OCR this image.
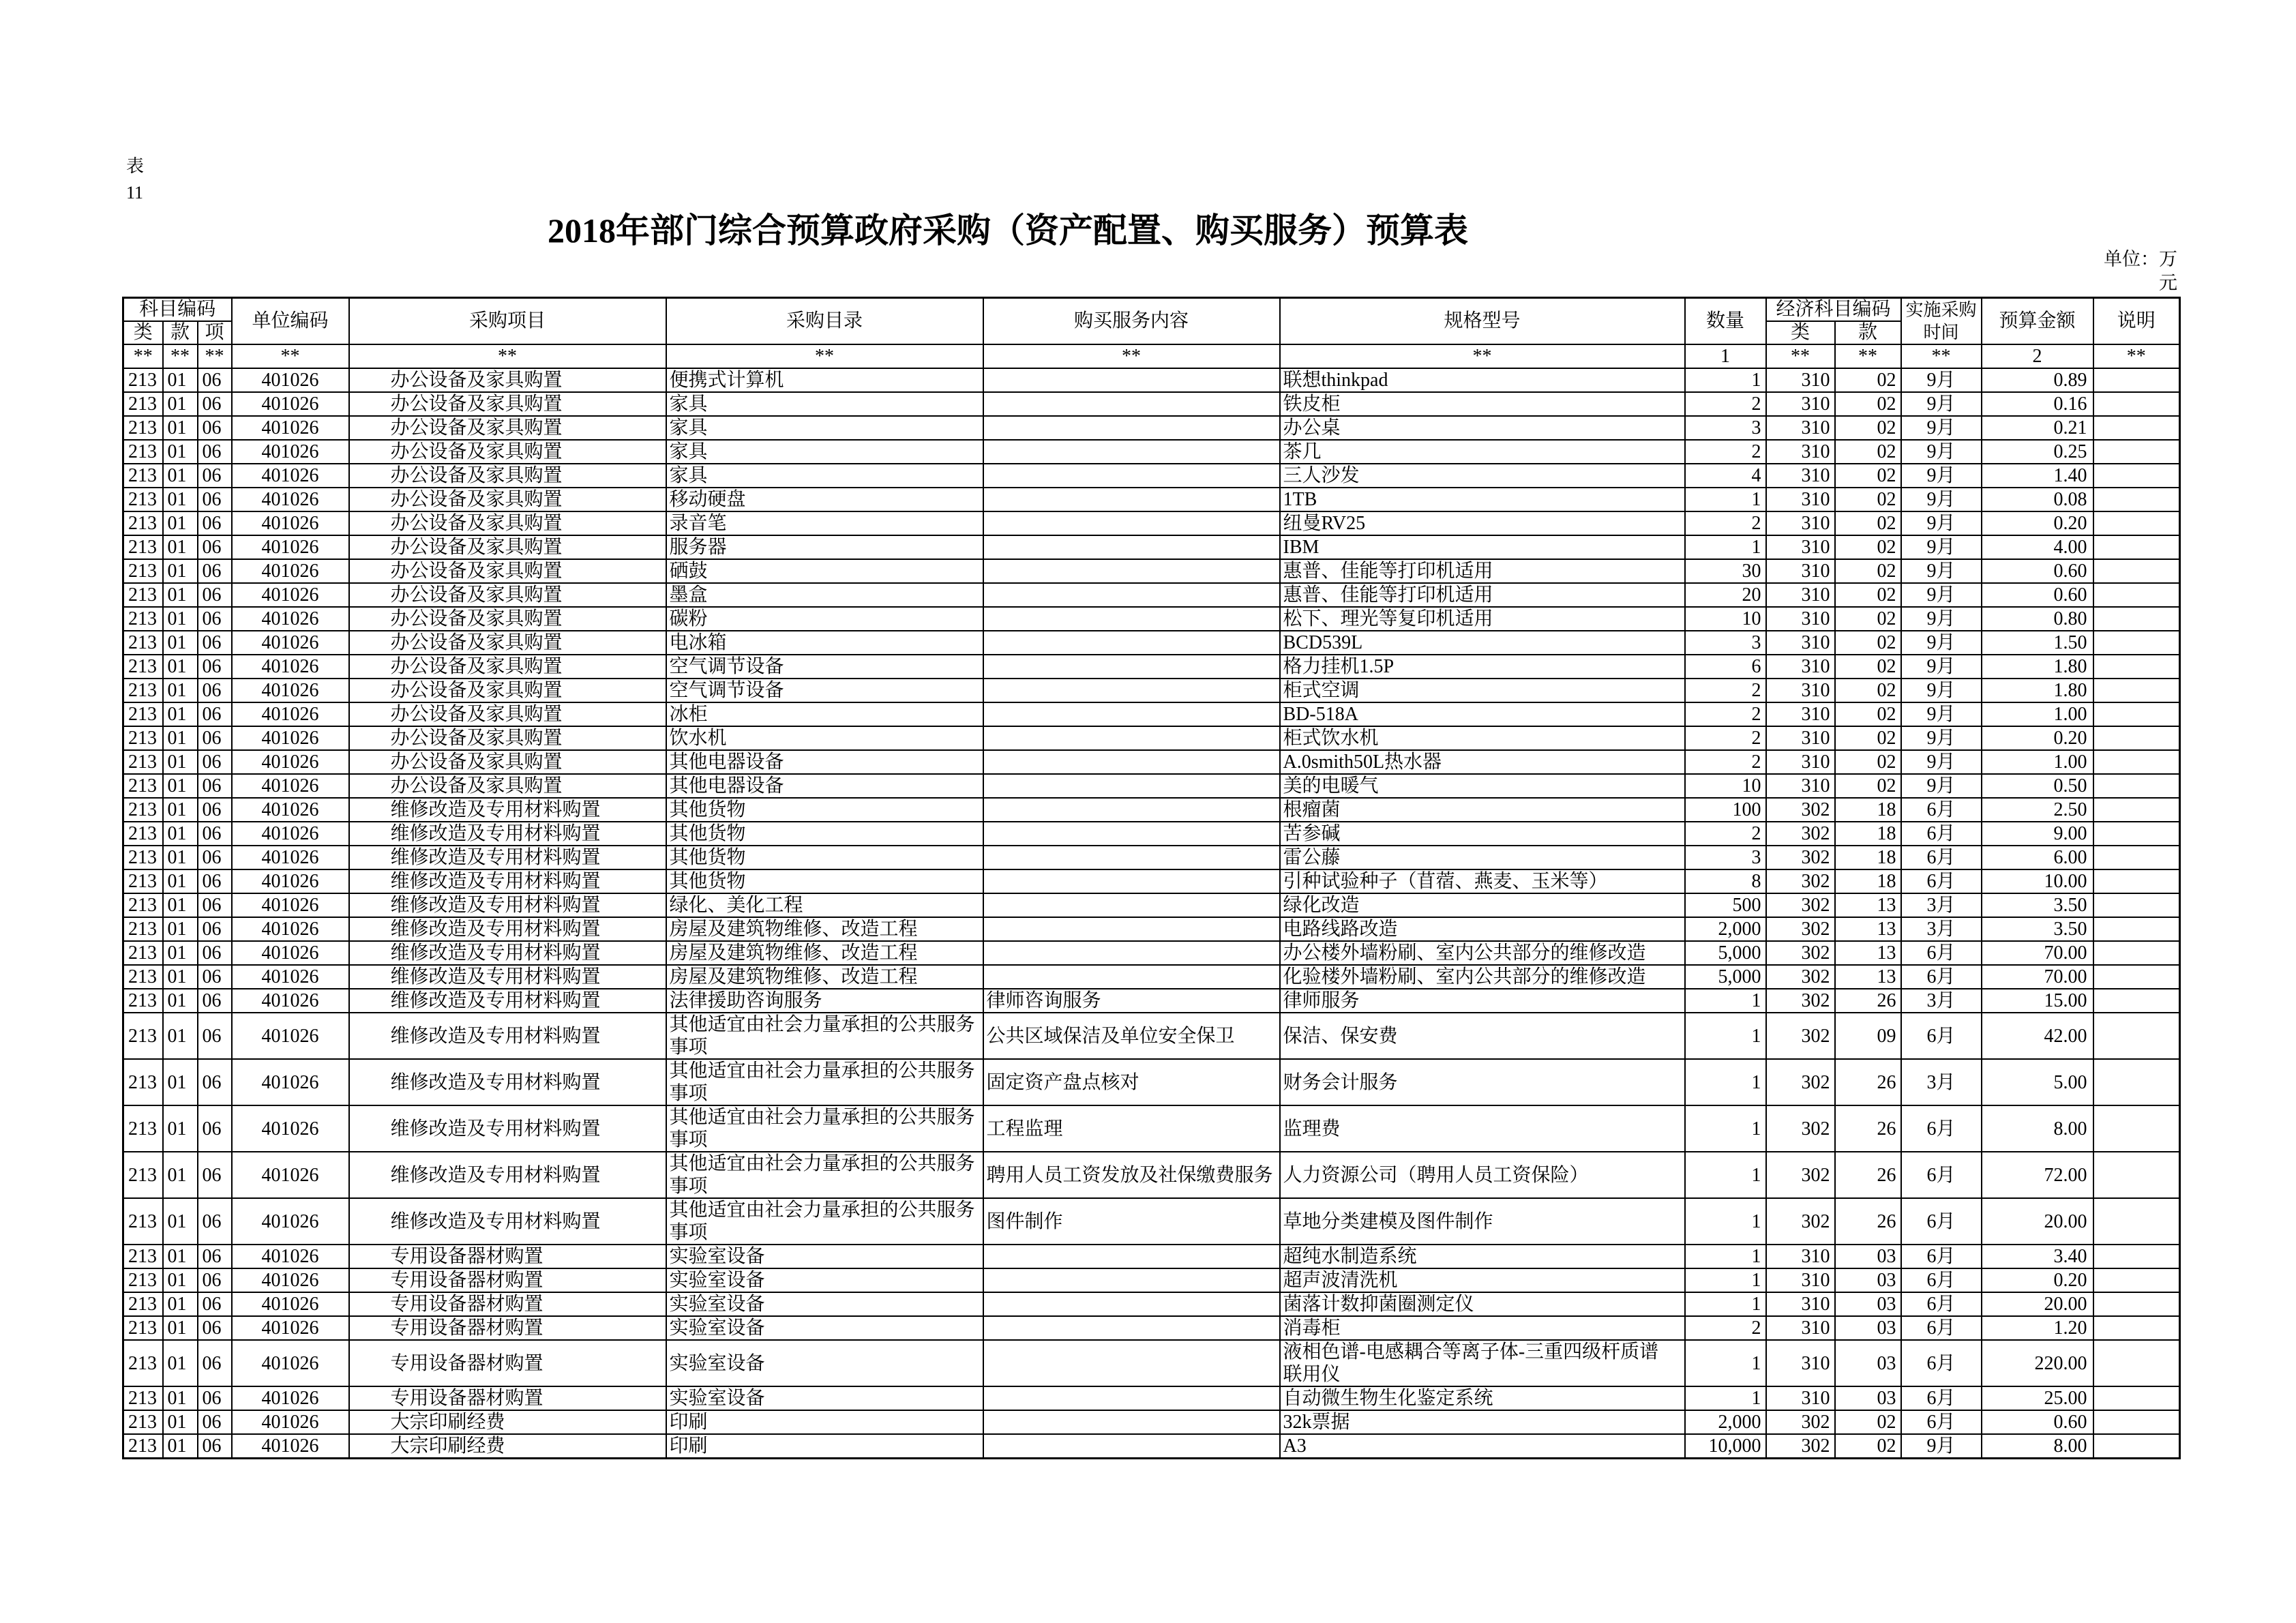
表
11
2018年部门综合预算政府采购（资产配置、购买服务）预算表
单位：万元
科目编码			单位编码	采购项目	采购目录	购买服务内容	规格型号	数量	经济科目编码		实施采购时间	预算金额	说明
类	款	项							类	款			
**	**	**	**	**	**	**	**	1	**	**	**	2	**
213	01	06	401026	办公设备及家具购置	便携式计算机		联想thinkpad	1	310	02	9月	0.89	
213	01	06	401026	办公设备及家具购置	家具		铁皮柜	2	310	02	9月	0.16	
213	01	06	401026	办公设备及家具购置	家具		办公桌	3	310	02	9月	0.21	
213	01	06	401026	办公设备及家具购置	家具		茶几	2	310	02	9月	0.25	
213	01	06	401026	办公设备及家具购置	家具		三人沙发	4	310	02	9月	1.40	
213	01	06	401026	办公设备及家具购置	移动硬盘		1TB	1	310	02	9月	0.08	
213	01	06	401026	办公设备及家具购置	录音笔		纽曼RV25	2	310	02	9月	0.20	
213	01	06	401026	办公设备及家具购置	服务器		IBM	1	310	02	9月	4.00	
213	01	06	401026	办公设备及家具购置	硒鼓		惠普、佳能等打印机适用	30	310	02	9月	0.60	
213	01	06	401026	办公设备及家具购置	墨盒		惠普、佳能等打印机适用	20	310	02	9月	0.60	
213	01	06	401026	办公设备及家具购置	碳粉		松下、理光等复印机适用	10	310	02	9月	0.80	
213	01	06	401026	办公设备及家具购置	电冰箱		BCD539L	3	310	02	9月	1.50	
213	01	06	401026	办公设备及家具购置	空气调节设备		格力挂机1.5P	6	310	02	9月	1.80	
213	01	06	401026	办公设备及家具购置	空气调节设备		柜式空调	2	310	02	9月	1.80	
213	01	06	401026	办公设备及家具购置	冰柜		BD-518A	2	310	02	9月	1.00	
213	01	06	401026	办公设备及家具购置	饮水机		柜式饮水机	2	310	02	9月	0.20	
213	01	06	401026	办公设备及家具购置	其他电器设备		A.0smith50L热水器	2	310	02	9月	1.00	
213	01	06	401026	办公设备及家具购置	其他电器设备		美的电暖气	10	310	02	9月	0.50	
213	01	06	401026	维修改造及专用材料购置	其他货物		根瘤菌	100	302	18	6月	2.50	
213	01	06	401026	维修改造及专用材料购置	其他货物		苦参碱	2	302	18	6月	9.00	
213	01	06	401026	维修改造及专用材料购置	其他货物		雷公藤	3	302	18	6月	6.00	
213	01	06	401026	维修改造及专用材料购置	其他货物		引种试验种子（苜蓿、燕麦、玉米等）	8	302	18	6月	10.00	
213	01	06	401026	维修改造及专用材料购置	绿化、美化工程		绿化改造	500	302	13	3月	3.50	
213	01	06	401026	维修改造及专用材料购置	房屋及建筑物维修、改造工程		电路线路改造	2,000	302	13	3月	3.50	
213	01	06	401026	维修改造及专用材料购置	房屋及建筑物维修、改造工程		办公楼外墙粉刷、室内公共部分的维修改造	5,000	302	13	6月	70.00	
213	01	06	401026	维修改造及专用材料购置	房屋及建筑物维修、改造工程		化验楼外墙粉刷、室内公共部分的维修改造	5,000	302	13	6月	70.00	
213	01	06	401026	维修改造及专用材料购置	法律援助咨询服务	律师咨询服务	律师服务	1	302	26	3月	15.00	
213	01	06	401026	维修改造及专用材料购置	其他适宜由社会力量承担的公共服务事项	公共区域保洁及单位安全保卫	保洁、保安费	1	302	09	6月	42.00	
213	01	06	401026	维修改造及专用材料购置	其他适宜由社会力量承担的公共服务事项	固定资产盘点核对	财务会计服务	1	302	26	3月	5.00	
213	01	06	401026	维修改造及专用材料购置	其他适宜由社会力量承担的公共服务事项	工程监理	监理费	1	302	26	6月	8.00	
213	01	06	401026	维修改造及专用材料购置	其他适宜由社会力量承担的公共服务事项	聘用人员工资发放及社保缴费服务	人力资源公司（聘用人员工资保险）	1	302	26	6月	72.00	
213	01	06	401026	维修改造及专用材料购置	其他适宜由社会力量承担的公共服务事项	图件制作	草地分类建模及图件制作	1	302	26	6月	20.00	
213	01	06	401026	专用设备器材购置	实验室设备		超纯水制造系统	1	310	03	6月	3.40	
213	01	06	401026	专用设备器材购置	实验室设备		超声波清洗机	1	310	03	6月	0.20	
213	01	06	401026	专用设备器材购置	实验室设备		菌落计数抑菌圈测定仪	1	310	03	6月	20.00	
213	01	06	401026	专用设备器材购置	实验室设备		消毒柜	2	310	03	6月	1.20	
213	01	06	401026	专用设备器材购置	实验室设备		液相色谱-电感耦合等离子体-三重四级杆质谱联用仪	1	310	03	6月	220.00	
213	01	06	401026	专用设备器材购置	实验室设备		自动微生物生化鉴定系统	1	310	03	6月	25.00	
213	01	06	401026	大宗印刷经费	印刷		32k票据	2,000	302	02	6月	0.60	
213	01	06	401026	大宗印刷经费	印刷		A3	10,000	302	02	9月	8.00	
